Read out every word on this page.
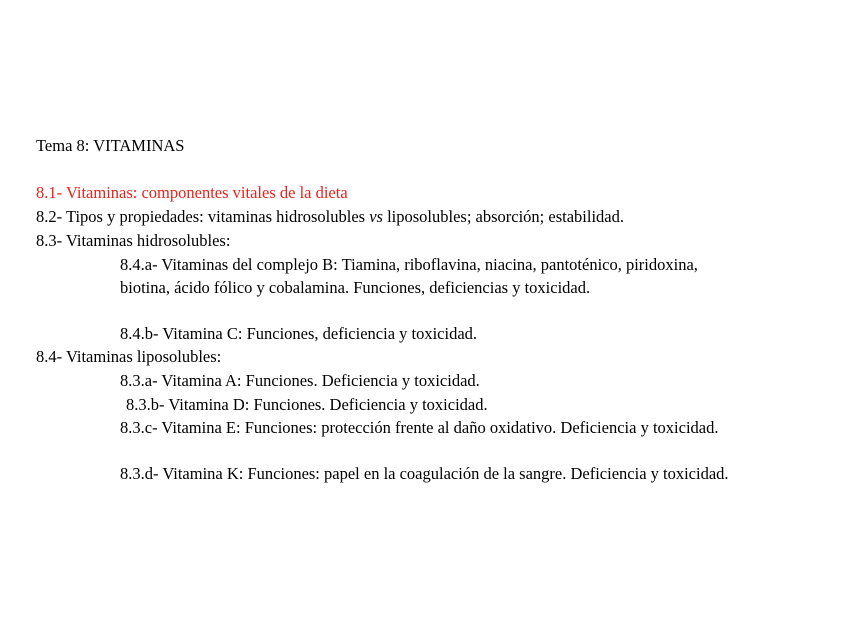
Tema 8: VITAMINAS
8.1- Vitaminas: componentes vitales de la dieta
8.2- Tipos y propiedades: vitaminas hidrosolubles vs liposolubles; absorción; estabilidad.
8.3- Vitaminas hidrosolubles:
8.4.a- Vitaminas del complejo B: Tiamina, riboflavina, niacina, pantoténico, piridoxina, biotina, ácido fólico y cobalamina. Funciones, deficiencias y toxicidad.
8.4.b- Vitamina C: Funciones, deficiencia y toxicidad.
8.4- Vitaminas liposolubles:
8.3.a- Vitamina A: Funciones. Deficiencia y toxicidad.
8.3.b- Vitamina D: Funciones. Deficiencia y toxicidad.
8.3.c- Vitamina E: Funciones: protección frente al daño oxidativo. Deficiencia y toxicidad.
8.3.d- Vitamina K: Funciones: papel en la coagulación de la sangre. Deficiencia y toxicidad.
